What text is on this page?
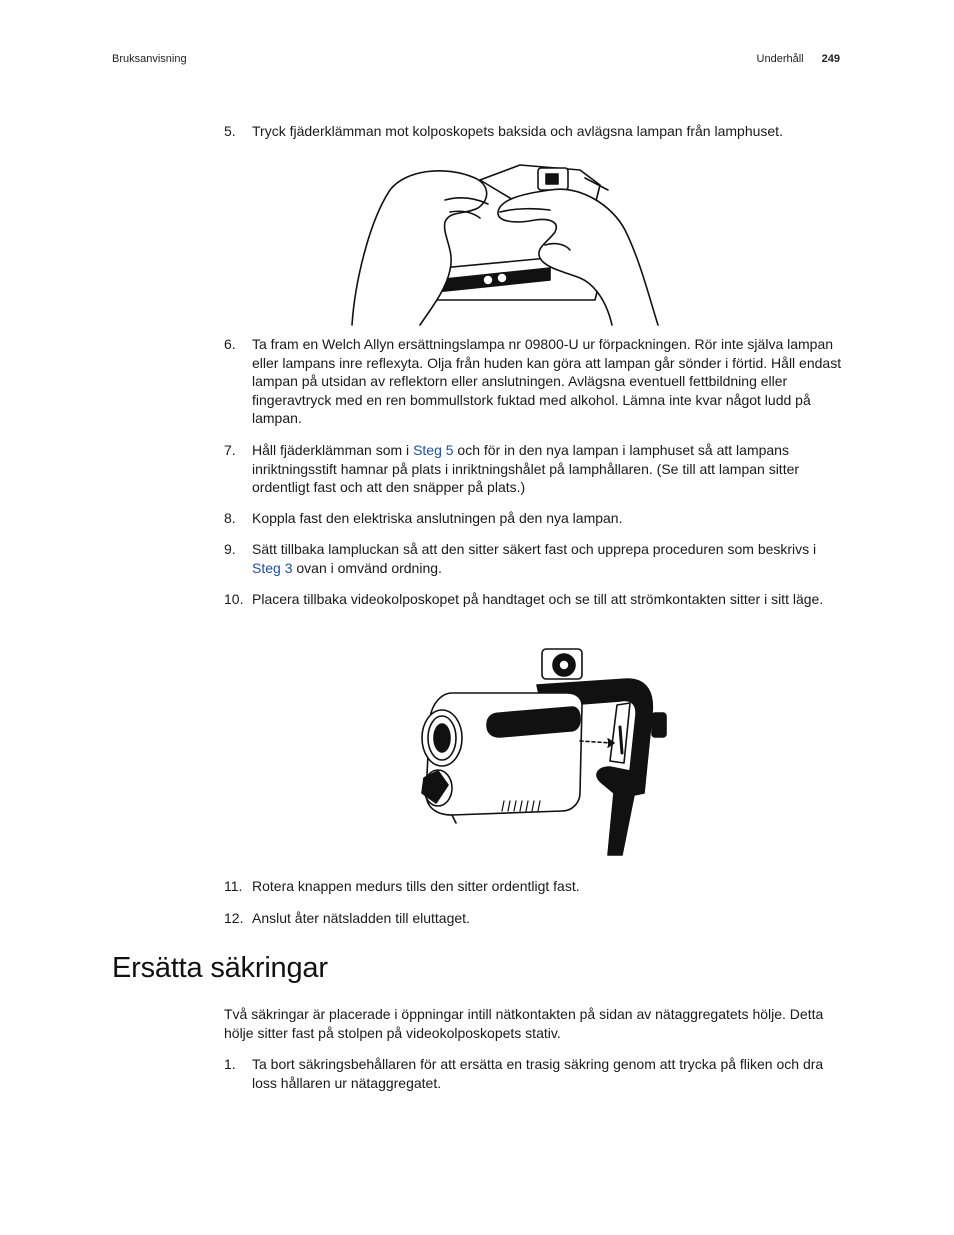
Bruksanvisning	Underhåll 249
5. Tryck fjäderklämman mot kolposkopets baksida och avlägsna lampan från lamphuset.
6. Ta fram en Welch Allyn ersättningslampa nr 09800-U ur förpackningen. Rör inte själva lampan eller lampans inre reflexyta. Olja från huden kan göra att lampan går sönder i förtid. Håll endast lampan på utsidan av reflektorn eller anslutningen. Avlägsna eventuell fettbildning eller fingeravtryck med en ren bommullstork fuktad med alkohol. Lämna inte kvar något ludd på lampan.
7. Håll fjäderklämman som i Steg 5 och för in den nya lampan i lamphuset så att lampans inriktningsstift hamnar på plats i inriktningshålet på lamphållaren. (Se till att lampan sitter ordentligt fast och att den snäpper på plats.)
8. Koppla fast den elektriska anslutningen på den nya lampan.
9. Sätt tillbaka lampluckan så att den sitter säkert fast och upprepa proceduren som beskrivs i Steg 3 ovan i omvänd ordning.
10. Placera tillbaka videokolposkopet på handtaget och se till att strömkontakten sitter i sitt läge.
11. Rotera knappen medurs tills den sitter ordentligt fast.
12. Anslut åter nätsladden till eluttaget.
Ersätta säkringar
Två säkringar är placerade i öppningar intill nätkontakten på sidan av nätaggregatets hölje. Detta hölje sitter fast på stolpen på videokolposkopets stativ.
1. Ta bort säkringsbehållaren för att ersätta en trasig säkring genom att trycka på fliken och dra loss hållaren ur nätaggregatet.
